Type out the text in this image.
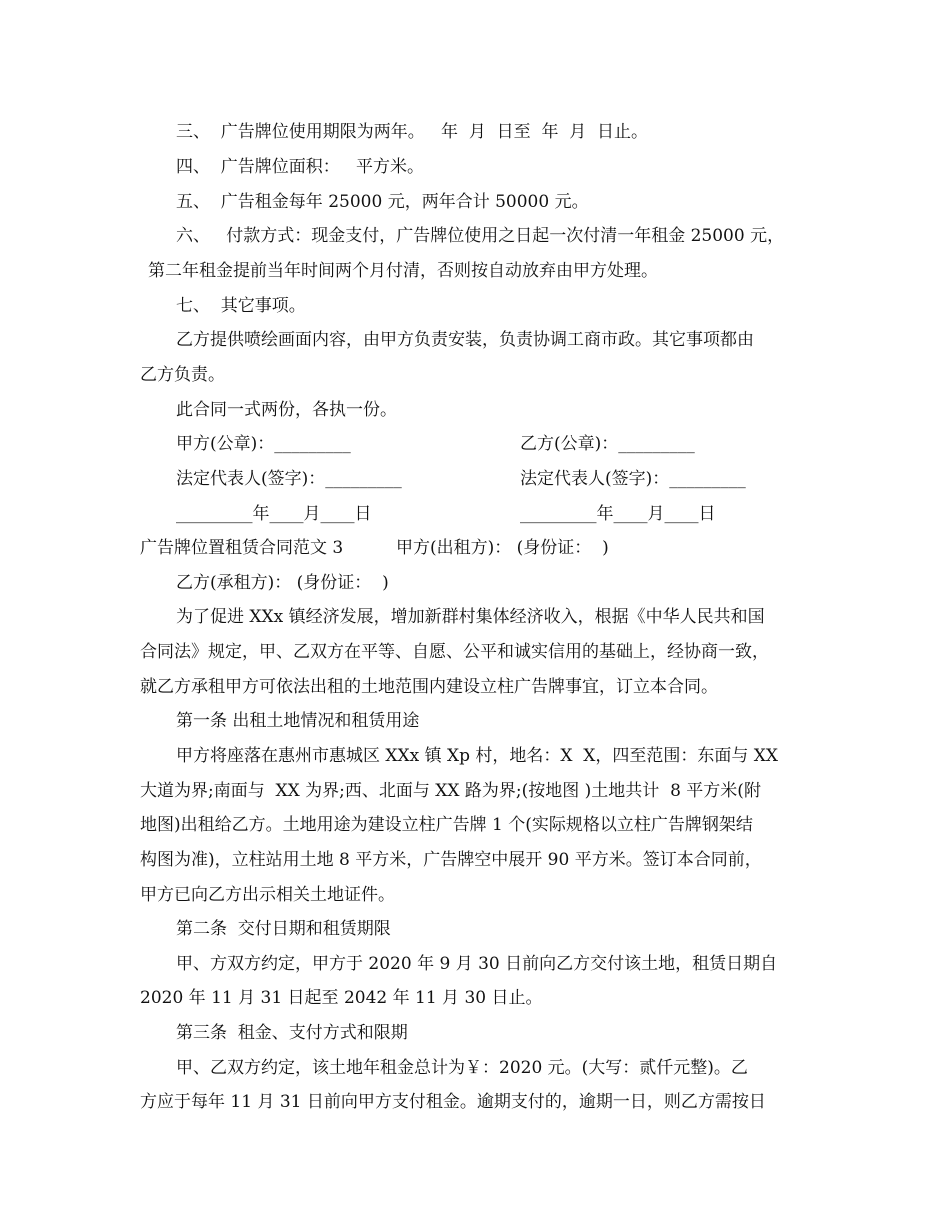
三、  广告牌位使用期限为两年。   年  月  日至  年  月  日止。
四、  广告牌位面积：   平方米。
五、  广告租金每年 25000 元，两年合计 50000 元。
六、   付款方式：现金支付，广告牌位使用之日起一次付清一年租金 25000 元，
第二年租金提前当年时间两个月付清，否则按自动放弃由甲方处理。
七、  其它事项。
乙方提供喷绘画面内容，由甲方负责安装，负责协调工商市政。其它事项都由
乙方负责。
此合同一式两份，各执一份。
甲方(公章)：_________	乙方(公章)：_________
法定代表人(签字)：_________	法定代表人(签字)：_________
_________年____月____日	_________年____月____日
广告牌位置租赁合同范文 3	甲方(出租方)： (身份证：  )
乙方(承租方)： (身份证：  )
为了促进 XXx 镇经济发展，增加新群村集体经济收入，根据《中华人民共和国
合同法》规定，甲、乙双方在平等、自愿、公平和诚实信用的基础上，经协商一致，
就乙方承租甲方可依法出租的土地范围内建设立柱广告牌事宜，订立本合同。
第一条 出租土地情况和租赁用途
甲方将座落在惠州市惠城区 XXx 镇 Xp 村，地名：X  X，四至范围：东面与 XX
大道为界;南面与  XX 为界;西、北面与 XX 路为界;(按地图 )土地共计  8 平方米(附
地图)出租给乙方。土地用途为建设立柱广告牌 1 个(实际规格以立柱广告牌钢架结
构图为准)，立柱站用土地 8 平方米，广告牌空中展开 90 平方米。签订本合同前，
甲方已向乙方出示相关土地证件。
第二条  交付日期和租赁期限
甲、方双方约定，甲方于 2020 年 9 月 30 日前向乙方交付该土地，租赁日期自
2020 年 11 月 31 日起至 2042 年 11 月 30 日止。
第三条  租金、支付方式和限期
甲、乙双方约定，该土地年租金总计为￥：2020 元。(大写：贰仟元整)。乙
方应于每年 11 月 31 日前向甲方支付租金。逾期支付的，逾期一日，则乙方需按日
